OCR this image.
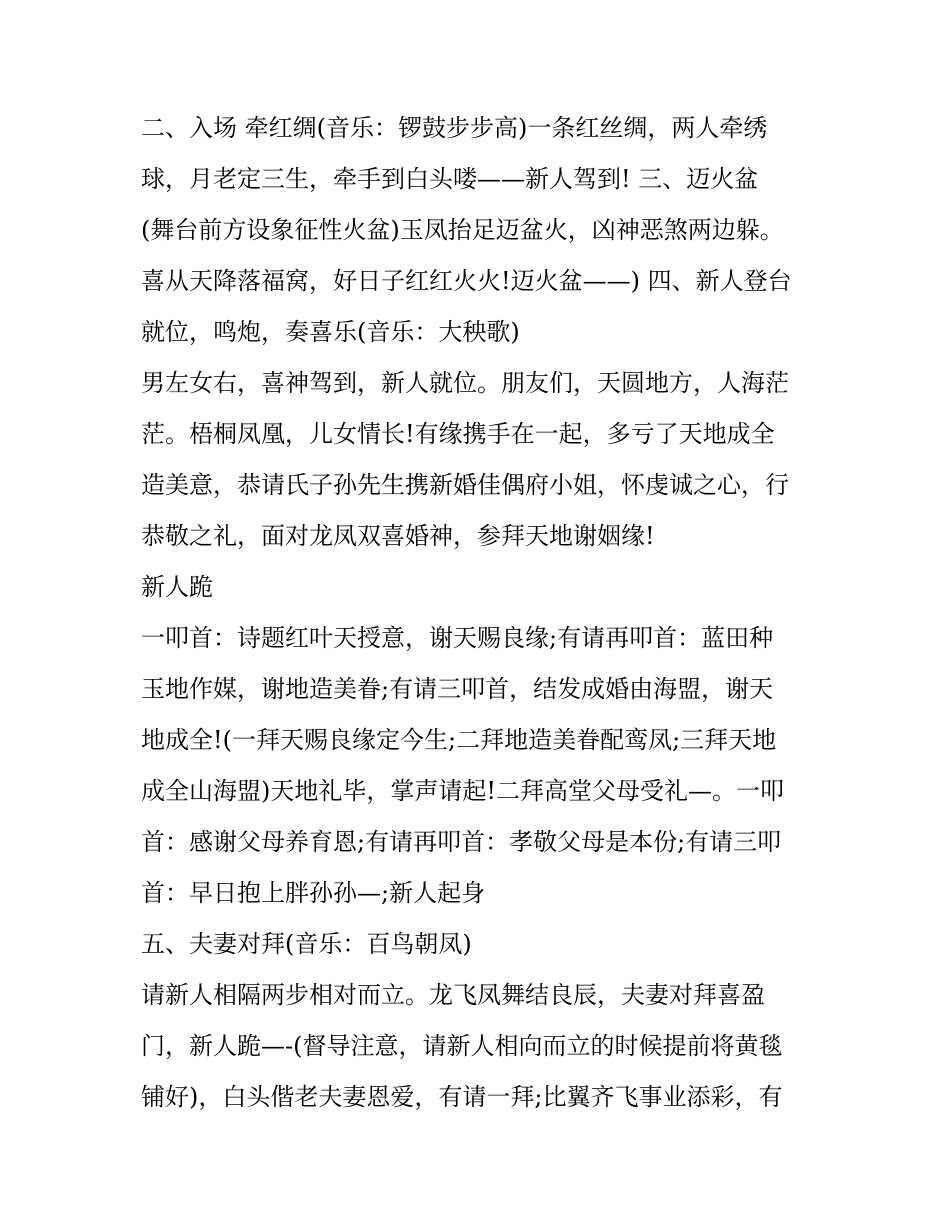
二、入场 牵红绸(音乐：锣鼓步步高)一条红丝绸，两人牵绣
球，月老定三生，牵手到白头喽——新人驾到! 三、迈火盆
(舞台前方设象征性火盆)玉凤抬足迈盆火，凶神恶煞两边躲。
喜从天降落福窝，好日子红红火火!迈火盆——) 四、新人登台
就位，鸣炮，奏喜乐(音乐：大秧歌)
男左女右，喜神驾到，新人就位。朋友们，天圆地方，人海茫
茫。梧桐凤凰，儿女情长!有缘携手在一起，多亏了天地成全
造美意，恭请氏子孙先生携新婚佳偶府小姐，怀虔诚之心，行
恭敬之礼，面对龙凤双喜婚神，参拜天地谢姻缘!
新人跪
一叩首：诗题红叶天授意，谢天赐良缘;有请再叩首：蓝田种
玉地作媒，谢地造美眷;有请三叩首，结发成婚由海盟，谢天
地成全!(一拜天赐良缘定今生;二拜地造美眷配鸾凤;三拜天地
成全山海盟)天地礼毕，掌声请起!二拜高堂父母受礼—。一叩
首：感谢父母养育恩;有请再叩首：孝敬父母是本份;有请三叩
首：早日抱上胖孙孙—;新人起身
五、夫妻对拜(音乐：百鸟朝凤)
请新人相隔两步相对而立。龙飞凤舞结良辰，夫妻对拜喜盈
门，新人跪—-(督导注意，请新人相向而立的时候提前将黄毯
铺好)，白头偕老夫妻恩爱，有请一拜;比翼齐飞事业添彩，有
